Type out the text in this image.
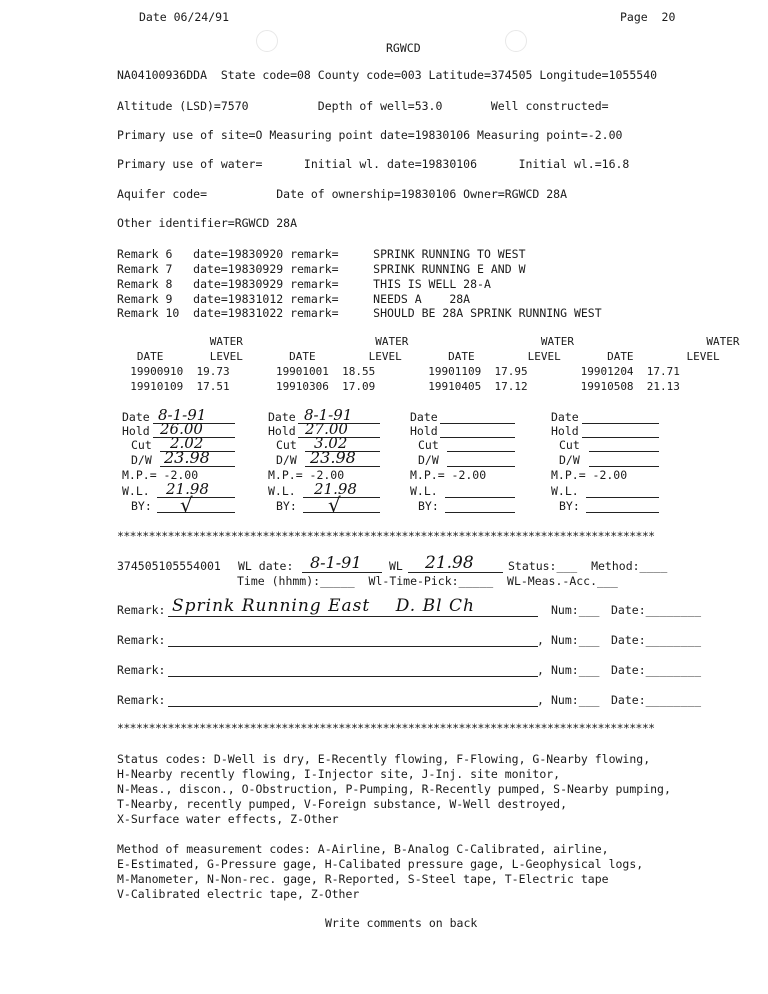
Date 06/24/91	Page  20
RGWCD
NA04100936DDA  State code=08 County code=003 Latitude=374505 Longitude=1055540
Altitude (LSD)=7570          Depth of well=53.0       Well constructed=
Primary use of site=O Measuring point date=19830106 Measuring point=-2.00
Primary use of water=      Initial wl. date=19830106      Initial wl.=16.8
Aquifer code=          Date of ownership=19830106 Owner=RGWCD 28A
Other identifier=RGWCD 28A
Remark 6   date=19830920 remark=     SPRINK RUNNING TO WEST
Remark 7   date=19830929 remark=     SPRINK RUNNING E AND W
Remark 8   date=19830929 remark=     THIS IS WELL 28-A
Remark 9   date=19831012 remark=     NEEDS A    28A
Remark 10  date=19831022 remark=     SHOULD BE 28A SPRINK RUNNING WEST
WATER                    WATER                    WATER                    WATER
DATE       LEVEL       DATE        LEVEL       DATE        LEVEL       DATE        LEVEL
19900910  19.73       19901001  18.55        19901109  17.95        19901204  17.71
19910109  17.51       19910306  17.09        19910405  17.12        19910508  21.13
Date 8-1-91
Hold 26.00
Cut 2.02
D/W 23.98
M.P.= -2.00
W.L. 21.98
BY: √
Date 8-1-91
Hold 27.00
Cut 3.02
D/W 23.98
M.P.= -2.00
W.L. 21.98
BY: √
Date
Hold
Cut
D/W
M.P.= -2.00
W.L.
BY:
Date
Hold
Cut
D/W
M.P.= -2.00
W.L.
BY:
*************************************************************************************
374505105554001 WL date: 8-1-91 WL 21.98	Status:___  Method:____
Time (hhmm):_____  Wl-Time-Pick:_____  WL-Meas.-Acc.___
Remark: Sprink Running East    D. Bl Ch	Num:___ Date:________
Remark:	, Num:___ Date:________
Remark:	, Num:___ Date:________
Remark:	, Num:___ Date:________
*************************************************************************************
Status codes: D-Well is dry, E-Recently flowing, F-Flowing, G-Nearby flowing,
H-Nearby recently flowing, I-Injector site, J-Inj. site monitor,
N-Meas., discon., O-Obstruction, P-Pumping, R-Recently pumped, S-Nearby pumping,
T-Nearby, recently pumped, V-Foreign substance, W-Well destroyed,
X-Surface water effects, Z-Other
Method of measurement codes: A-Airline, B-Analog C-Calibrated, airline,
E-Estimated, G-Pressure gage, H-Calibated pressure gage, L-Geophysical logs,
M-Manometer, N-Non-rec. gage, R-Reported, S-Steel tape, T-Electric tape
V-Calibrated electric tape, Z-Other
Write comments on back
